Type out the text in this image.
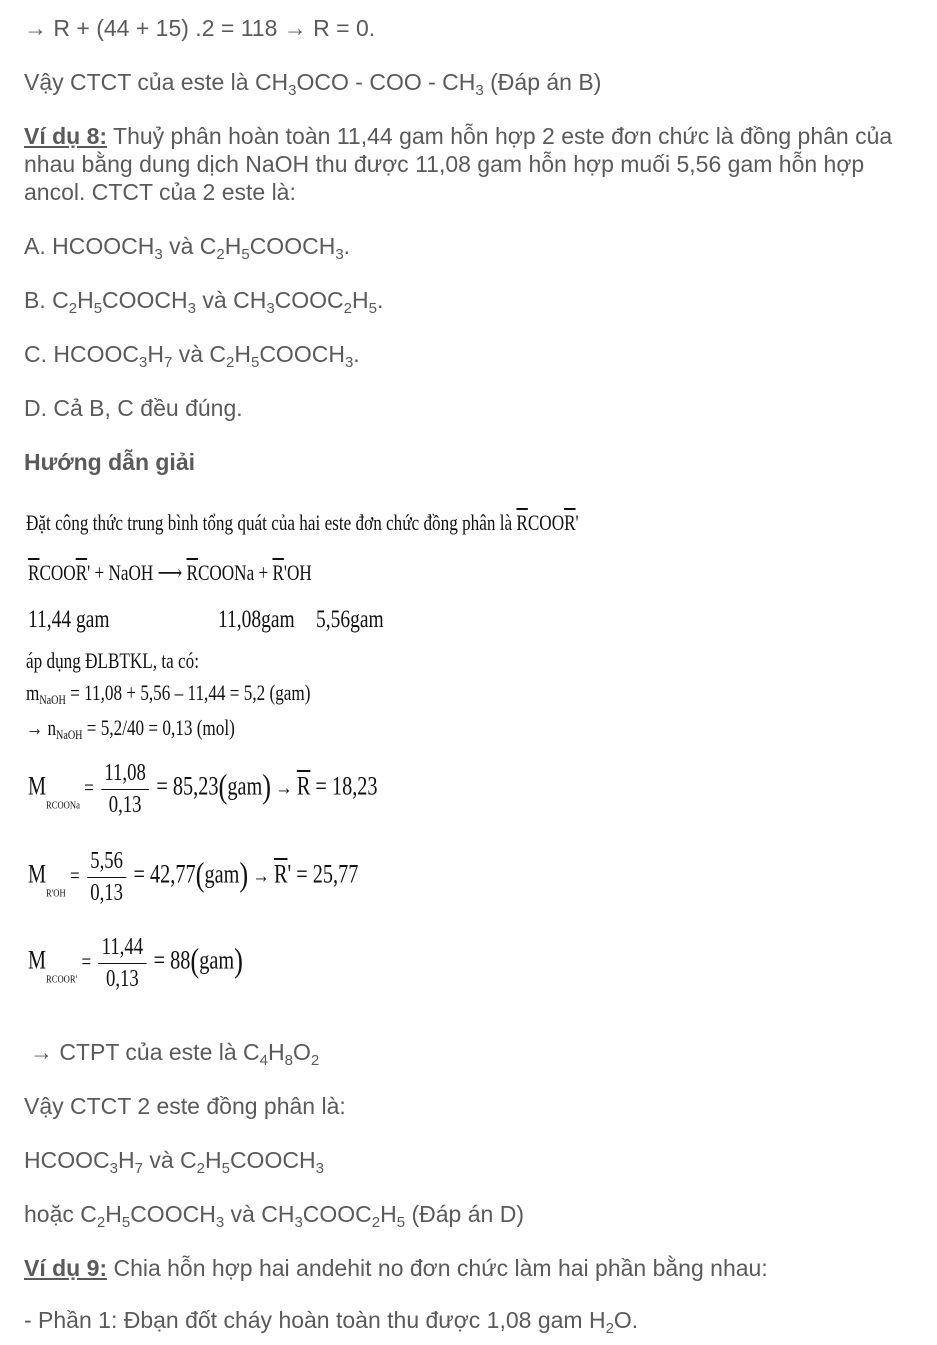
→ R + (44 + 15) .2 = 118 → R = 0.
Vậy CTCT của este là $CH_3OCO$ - COO - $CH_3$ (Đáp án B)
Ví dụ 8: Thuỷ phân hoàn toàn 11,44 gam hỗn hợp 2 este đơn chức là đồng phân của nhau bằng dung dịch NaOH thu được 11,08 gam hỗn hợp muối 5,56 gam hỗn hợp ancol. CTCT của 2 este là:
A. $HCOOCH_3$ và $C_2H_5COOCH_3$.
B. $C_2H_5COOCH_3$ và $CH_3COOC_2H_5$.
C. $HCOOC_3H_7$ và $C_2H_5COOCH_3$.
D. Cả B, C đều đúng.
Hướng dẫn giải
Đặt công thức trung bình tổng quát của hai este đơn chức đồng phân là $\overline{R}COO\overline{R}'$
$\overline{R}COO\overline{R}'$ + NaOH ⟶ $\overline{R}COONa + \overline{R}'OH$
11,44 gam	11,08gam 5,56gam
áp dụng ĐLBTKL, ta có:
$m_{NaOH} = 11,08 + 5,56 - 11,44 = 5,2$ (gam)
→ $n_{NaOH} = 5,2/40 = 0,13$ (mol)
$M_{RCOONa} = \frac{11,08}{0,13} = 85,23(gam) \to \overline{R} = 18,23$
$M_{R'OH} = \frac{5,56}{0,13} = 42,77(gam) \to \overline{R}' = 25,77$
$M_{RCOOR'} = \frac{11,44}{0,13} = 88(gam)$
→ CTPT của este là $C_4H_8O_2$
Vậy CTCT 2 este đồng phân là:
$HCOOC_3H_7$ và $C_2H_5COOCH_3$
hoặc $C_2H_5COOCH_3$ và $CH_3COOC_2H_5$ (Đáp án D)
Ví dụ 9: Chia hỗn hợp hai andehit no đơn chức làm hai phần bằng nhau:
- Phần 1: Đbạn đốt cháy hoàn toàn thu được 1,08 gam $H_2O$.
